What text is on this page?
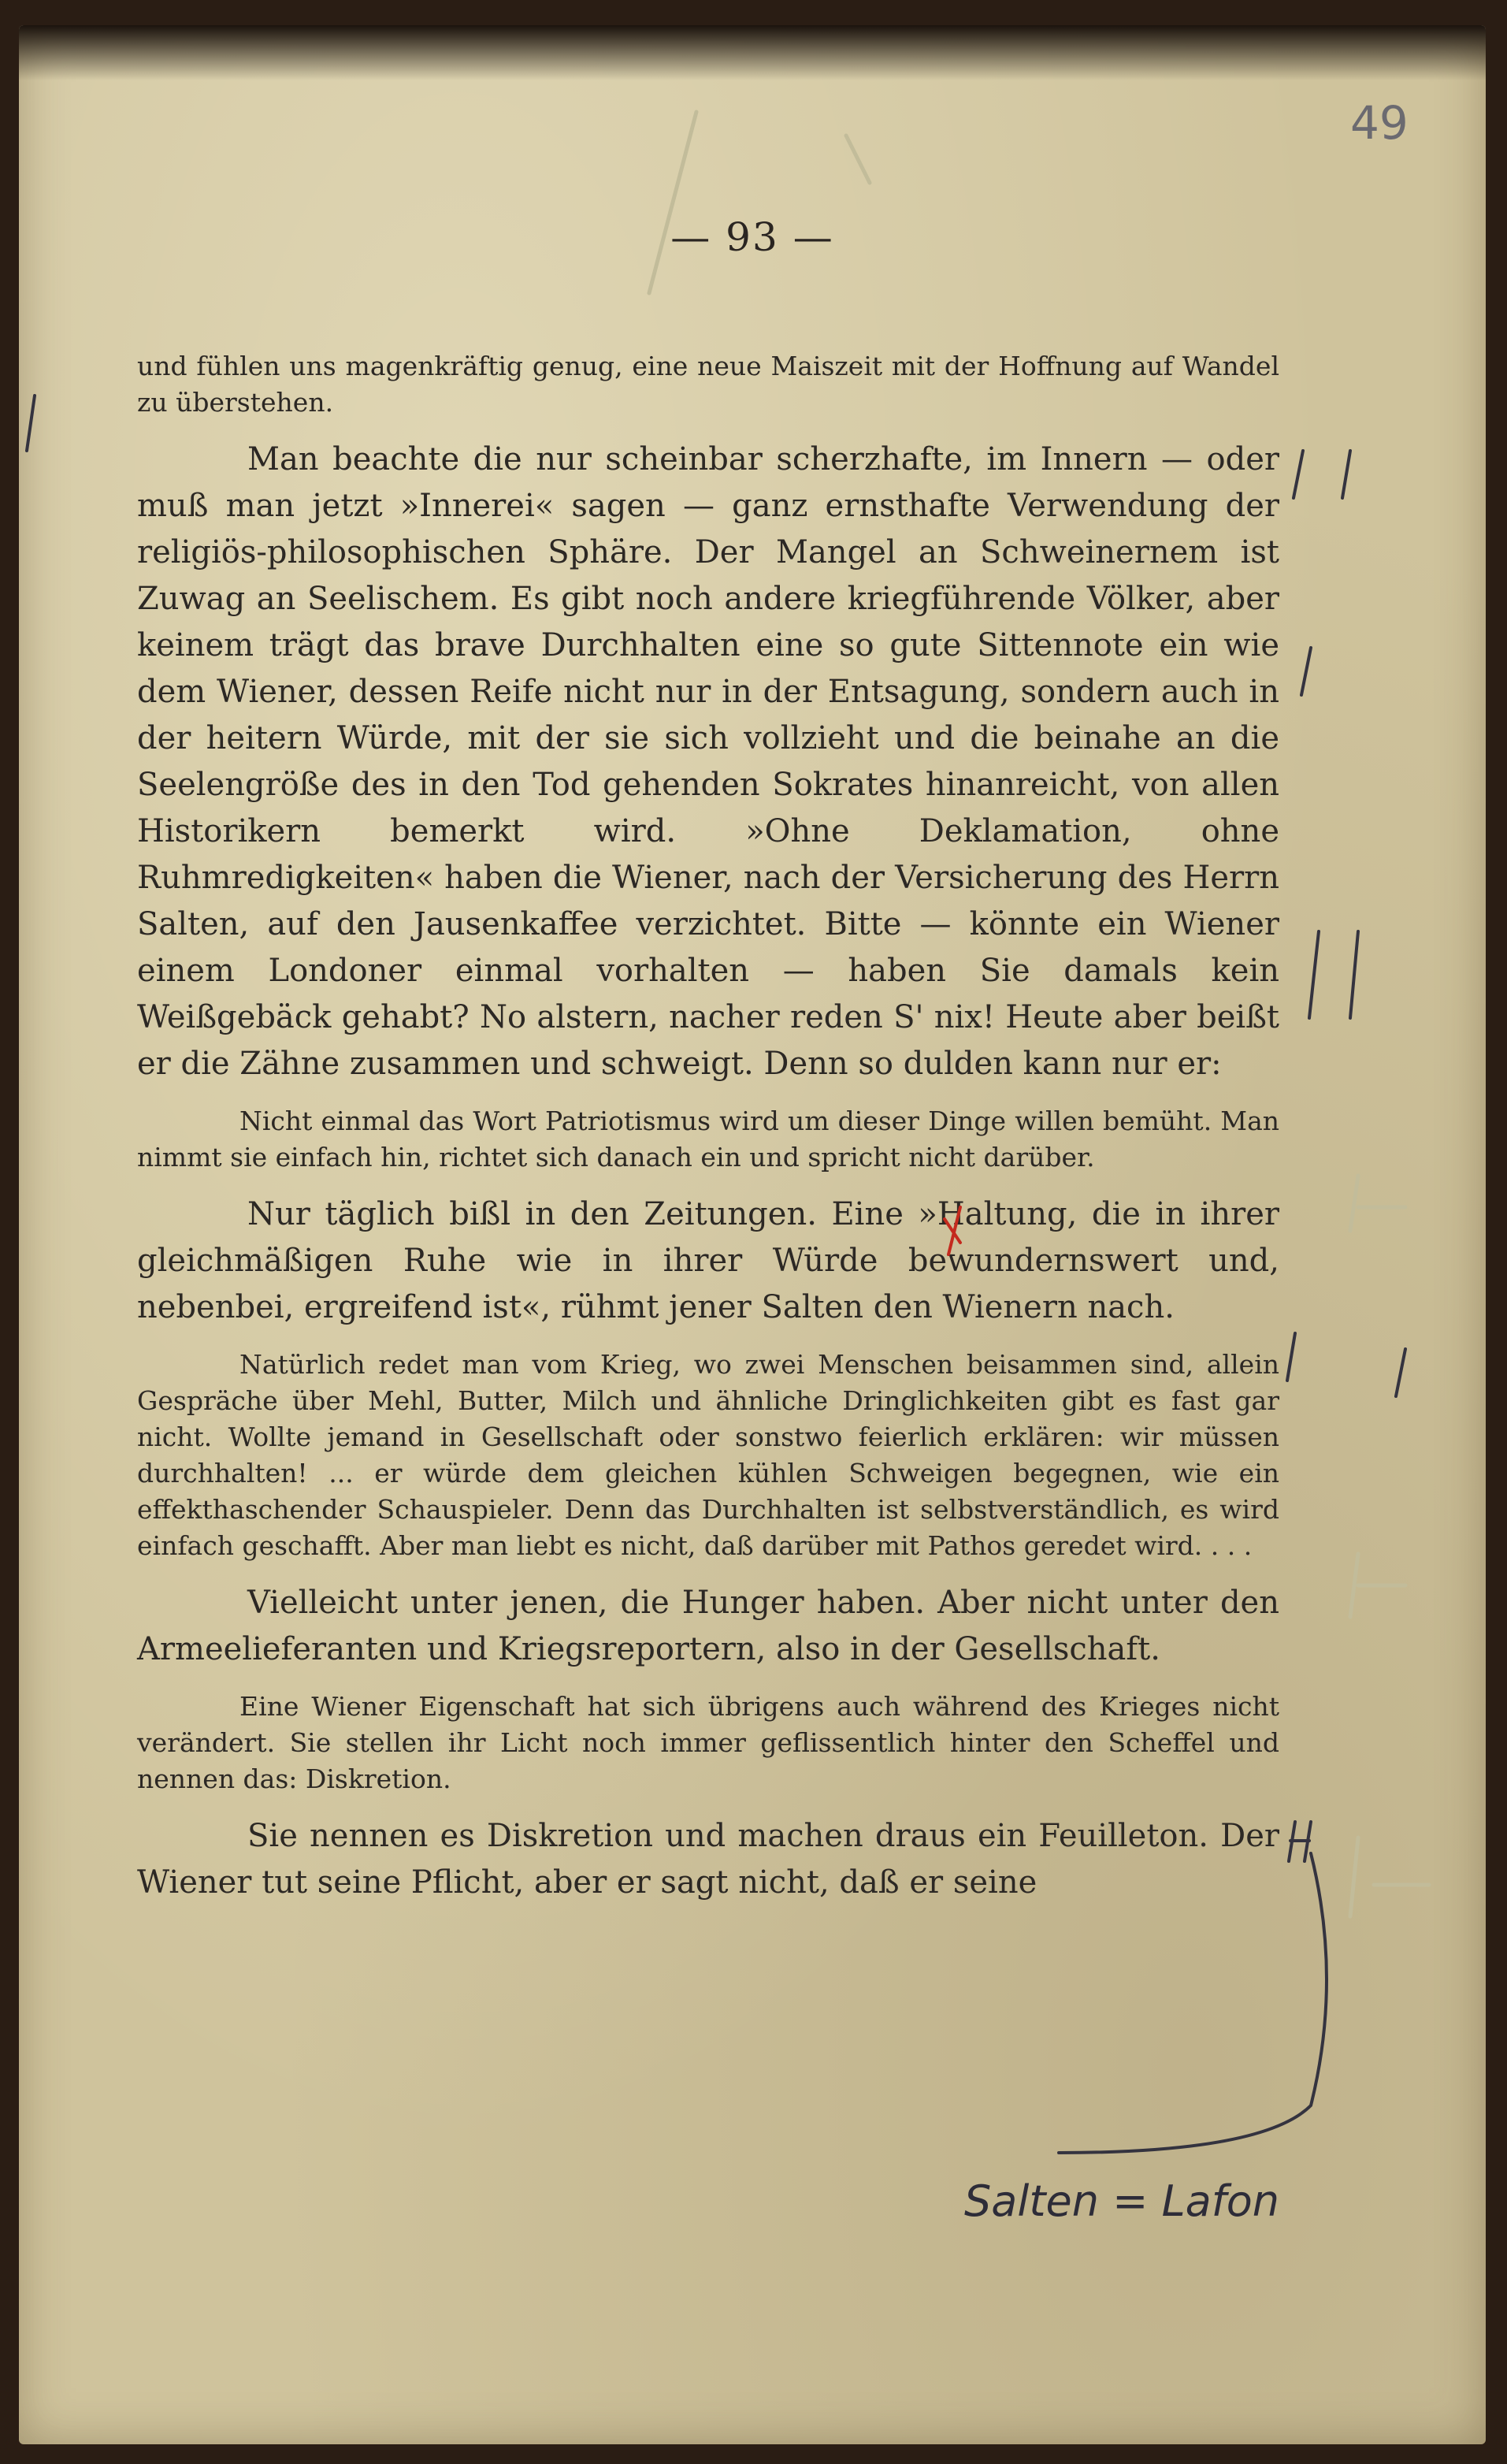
49
— 93 —

und fühlen uns magenkräftig genug, eine neue Maiszeit mit der Hoffnung auf Wandel zu überstehen.

Man beachte die nur scheinbar scherzhafte, im Innern — oder muß man jetzt »Innerei« sagen — ganz ernsthafte Verwendung der religiös-philosophischen Sphäre. Der Mangel an Schweinernem ist Zuwag an Seelischem. Es gibt noch andere kriegführende Völker, aber keinem trägt das brave Durchhalten eine so gute Sittennote ein wie dem Wiener, dessen Reife nicht nur in der Entsagung, sondern auch in der heitern Würde, mit der sie sich vollzieht und die beinahe an die Seelengröße des in den Tod gehenden Sokrates hinanreicht, von allen Historikern bemerkt wird. »Ohne Deklamation, ohne Ruhmredigkeiten« haben die Wiener, nach der Versicherung des Herrn Salten, auf den Jausenkaffee verzichtet. Bitte — könnte ein Wiener einem Londoner einmal vorhalten — haben Sie damals kein Weißgebäck gehabt? No alstern, nacher reden S' nix! Heute aber beißt er die Zähne zusammen und schweigt. Denn so dulden kann nur er:

Nicht einmal das Wort Patriotismus wird um dieser Dinge willen bemüht. Man nimmt sie einfach hin, richtet sich danach ein und spricht nicht darüber.

Nur täglich bißl in den Zeitungen. Eine »Haltung, die in ihrer gleichmäßigen Ruhe wie in ihrer Würde bewundernswert und, nebenbei, ergreifend ist«, rühmt jener Salten den Wienern nach.

Natürlich redet man vom Krieg, wo zwei Menschen beisammen sind, allein Gespräche über Mehl, Butter, Milch und ähnliche Dringlichkeiten gibt es fast gar nicht. Wollte jemand in Gesellschaft oder sonstwo feierlich erklären: wir müssen durchhalten! ... er würde dem gleichen kühlen Schweigen begegnen, wie ein effekthaschender Schauspieler. Denn das Durchhalten ist selbstverständlich, es wird einfach geschafft. Aber man liebt es nicht, daß darüber mit Pathos geredet wird. . . .

Vielleicht unter jenen, die Hunger haben. Aber nicht unter den Armeelieferanten und Kriegsreportern, also in der Gesellschaft.

Eine Wiener Eigenschaft hat sich übrigens auch während des Krieges nicht verändert. Sie stellen ihr Licht noch immer geflissentlich hinter den Scheffel und nennen das: Diskretion.

Sie nennen es Diskretion und machen draus ein Feuilleton. Der Wiener tut seine Pflicht, aber er sagt nicht, daß er seine

Salten = Lafon
